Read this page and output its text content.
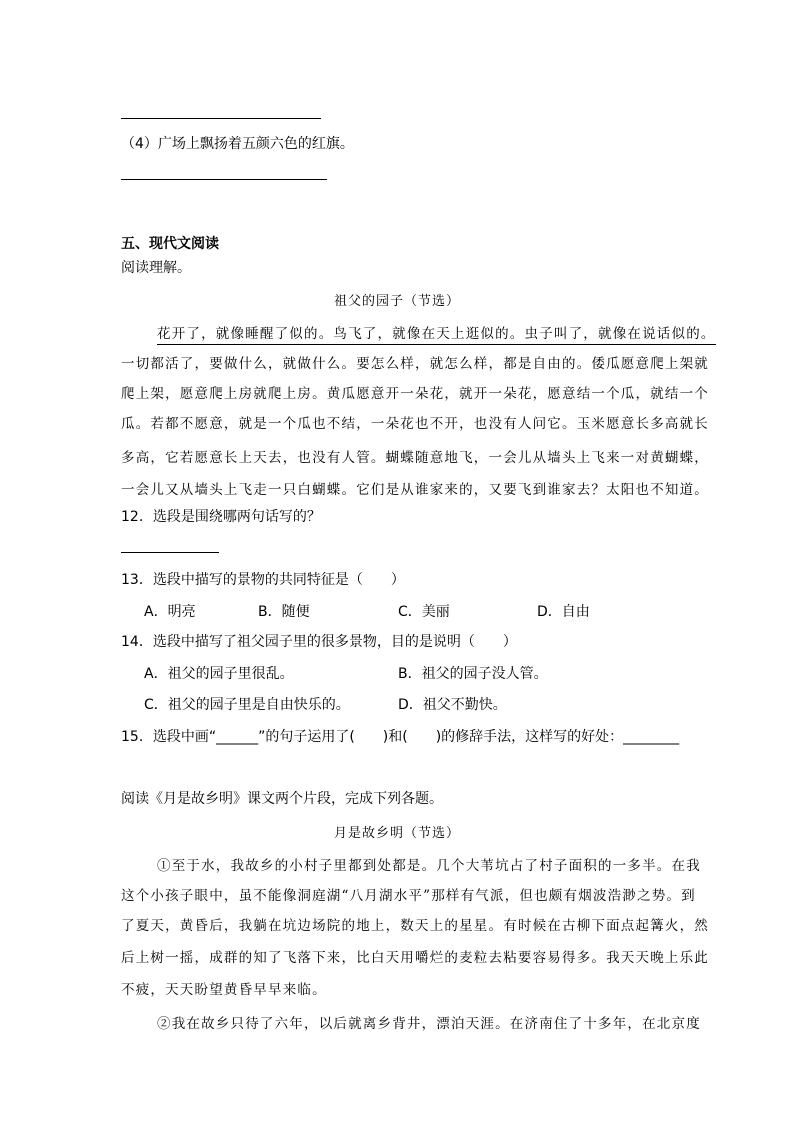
（4）广场上飘扬着五颜六色的红旗。
五、现代文阅读
阅读理解。
祖父的园子（节选）
花开了，就像睡醒了似的。鸟飞了，就像在天上逛似的。虫子叫了，就像在说话似的。
一切都活了，要做什么，就做什么。要怎么样，就怎么样，都是自由的。倭瓜愿意爬上架就
爬上架，愿意爬上房就爬上房。黄瓜愿意开一朵花，就开一朵花，愿意结一个瓜，就结一个
瓜。若都不愿意，就是一个瓜也不结，一朵花也不开，也没有人问它。玉米愿意长多高就长
多高，它若愿意长上天去，也没有人管。蝴蝶随意地飞，一会儿从墙头上飞来一对黄蝴蝶，
一会儿又从墙头上飞走一只白蝴蝶。它们是从谁家来的，又要飞到谁家去？太阳也不知道。
12．选段是围绕哪两句话写的？
13．选段中描写的景物的共同特征是（　　）
A．明亮	B．随便	C．美丽	D．自由
14．选段中描写了祖父园子里的很多景物，目的是说明（　　）
A．祖父的园子里很乱。	B．祖父的园子没人管。
C．祖父的园子里是自由快乐的。	D．祖父不勤快。
15．选段中画“______”的句子运用了(　　)和(　　)的修辞手法，这样写的好处：________
阅读《月是故乡明》课文两个片段，完成下列各题。
月是故乡明（节选）
①至于水，我故乡的小村子里都到处都是。几个大苇坑占了村子面积的一多半。在我
这个小孩子眼中，虽不能像洞庭湖“八月湖水平”那样有气派，但也颇有烟波浩渺之势。到
了夏天，黄昏后，我躺在坑边场院的地上，数天上的星星。有时候在古柳下面点起篝火，然
后上树一摇，成群的知了飞落下来，比白天用嚼烂的麦粒去粘要容易得多。我天天晚上乐此
不疲，天天盼望黄昏早早来临。
②我在故乡只待了六年，以后就离乡背井，漂泊天涯。在济南住了十多年，在北京度
